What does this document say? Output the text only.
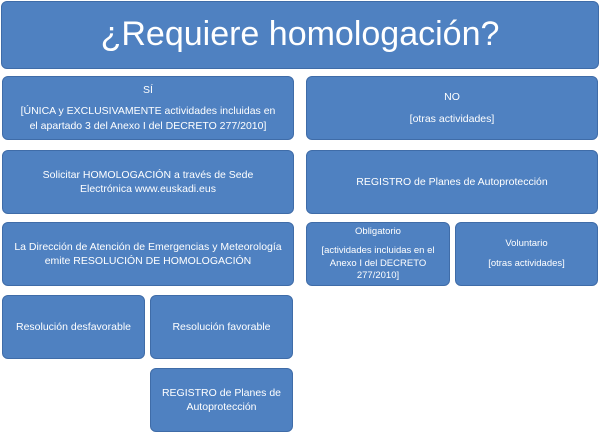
¿Requiere homologación?
SÍ
[ÚNICA y EXCLUSIVAMENTE actividades incluidas en
el apartado 3 del Anexo I del DECRETO 277/2010]
NO
[otras actividades]
Solicitar HOMOLOGACIÓN a través de Sede
Electrónica www.euskadi.eus
REGISTRO de Planes de Autoprotección
La Dirección de Atención de Emergencias y Meteorología
emite RESOLUCIÓN DE HOMOLOGACIÓN
Obligatorio
[actividades incluidas en el
Anexo I del DECRETO
277/2010]
Voluntario
[otras actividades]
Resolución desfavorable	Resolución favorable
REGISTRO de Planes de
Autoprotección
